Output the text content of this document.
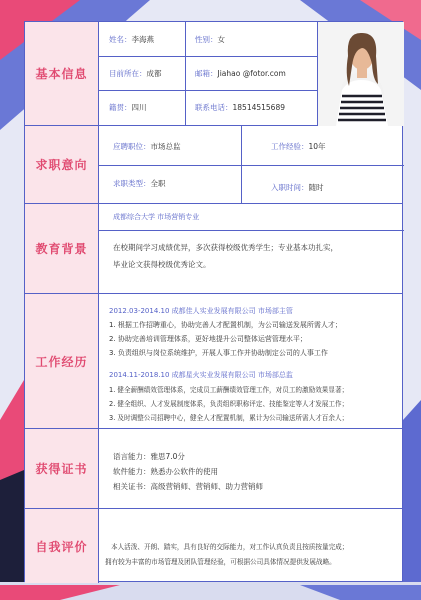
基本信息
姓名：李海燕	性别：女
目前所在：成都	邮箱：Jiahao @fotor.com
籍贯：四川	联系电话：18514515689
求职意向
应聘职位：市场总监	工作经验：10年
求职类型：全职	入职时间：随时
教育背景
成都综合大学 市场营销专业
在校期间学习成绩优异，多次获得校级优秀学生；专业基本功扎实，
毕业论文获得校级优秀论文。
工作经历
2012.03-2014.10 成都佳人实业发展有限公司 市场部主管
1. 根据工作招聘重心，协助完善人才配置机制，为公司输送发展所需人才；
2. 协助完善培训管理体系，更好地提升公司整体运营管理水平；
3. 负责组织与岗位系统维护，开展人事工作并协助制定公司的人事工作
2014.11-2018.10 成都星火实业发展有限公司 市场部总监
1. 健全薪酬绩效管理体系，完成员工薪酬绩效管理工作，对员工的激励效果显著；
2. 健全组织、人才发展制度体系，负责组织职称评定、技能鉴定等人才发展工作；
3. 及时调整公司招聘中心，健全人才配置机制，累计为公司输送所需人才百余人；
获得证书
语言能力：雅思7.0分
软件能力：熟悉办公软件的使用
相关证书：高级营销师、营销师、助力营销师
自我评价	本人活泼、开朗、踏实，具有良好的交际能力，对工作认真负责且按质按量完成；
拥有较为丰富的市场管理及团队管理经验，可根据公司具体情况提供发展战略。
